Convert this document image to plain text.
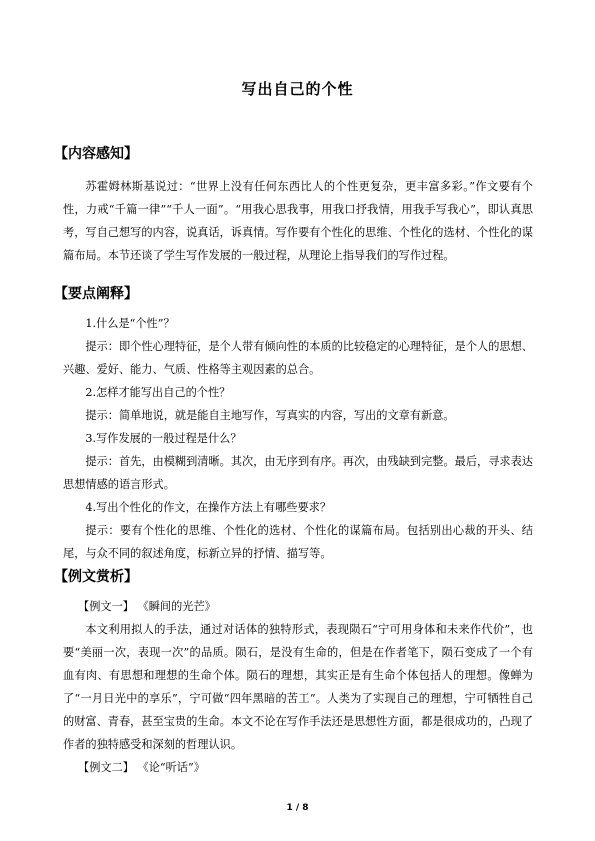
写出自己的个性
【内容感知】
苏霍姆林斯基说过：“世界上没有任何东西比人的个性更复杂，更丰富多彩。”作文要有个性，力戒“千篇一律”“千人一面”。“用我心思我事，用我口抒我情，用我手写我心”，即认真思考，写自己想写的内容，说真话，诉真情。写作要有个性化的思维、个性化的选材、个性化的谋篇布局。本节还谈了学生写作发展的一般过程，从理论上指导我们的写作过程。
【要点阐释】
1.什么是“个性”？
提示：即个性心理特征，是个人带有倾向性的本质的比较稳定的心理特征，是个人的思想、兴趣、爱好、能力、气质、性格等主观因素的总合。
2.怎样才能写出自己的个性？
提示：简单地说，就是能自主地写作，写真实的内容，写出的文章有新意。
3.写作发展的一般过程是什么？
提示：首先，由模糊到清晰。其次，由无序到有序。再次，由残缺到完整。最后，寻求表达思想情感的语言形式。
4.写出个性化的作文，在操作方法上有哪些要求？
提示：要有个性化的思维、个性化的选材、个性化的谋篇布局。包括别出心裁的开头、结尾，与众不同的叙述角度，标新立异的抒情、描写等。
【例文赏析】
【例文一】 《瞬间的光芒》
本文利用拟人的手法，通过对话体的独特形式，表现陨石“宁可用身体和未来作代价”，也要“美丽一次，表现一次”的品质。陨石，是没有生命的，但是在作者笔下，陨石变成了一个有血有肉、有思想和理想的生命个体。陨石的理想，其实正是有生命个体包括人的理想。像蝉为了“一月日光中的享乐”，宁可做“四年黑暗的苦工”。人类为了实现自己的理想，宁可牺牲自己的财富、青春，甚至宝贵的生命。本文不论在写作手法还是思想性方面，都是很成功的，凸现了作者的独特感受和深刻的哲理认识。
【例文二】 《论“听话”》
1 / 8
